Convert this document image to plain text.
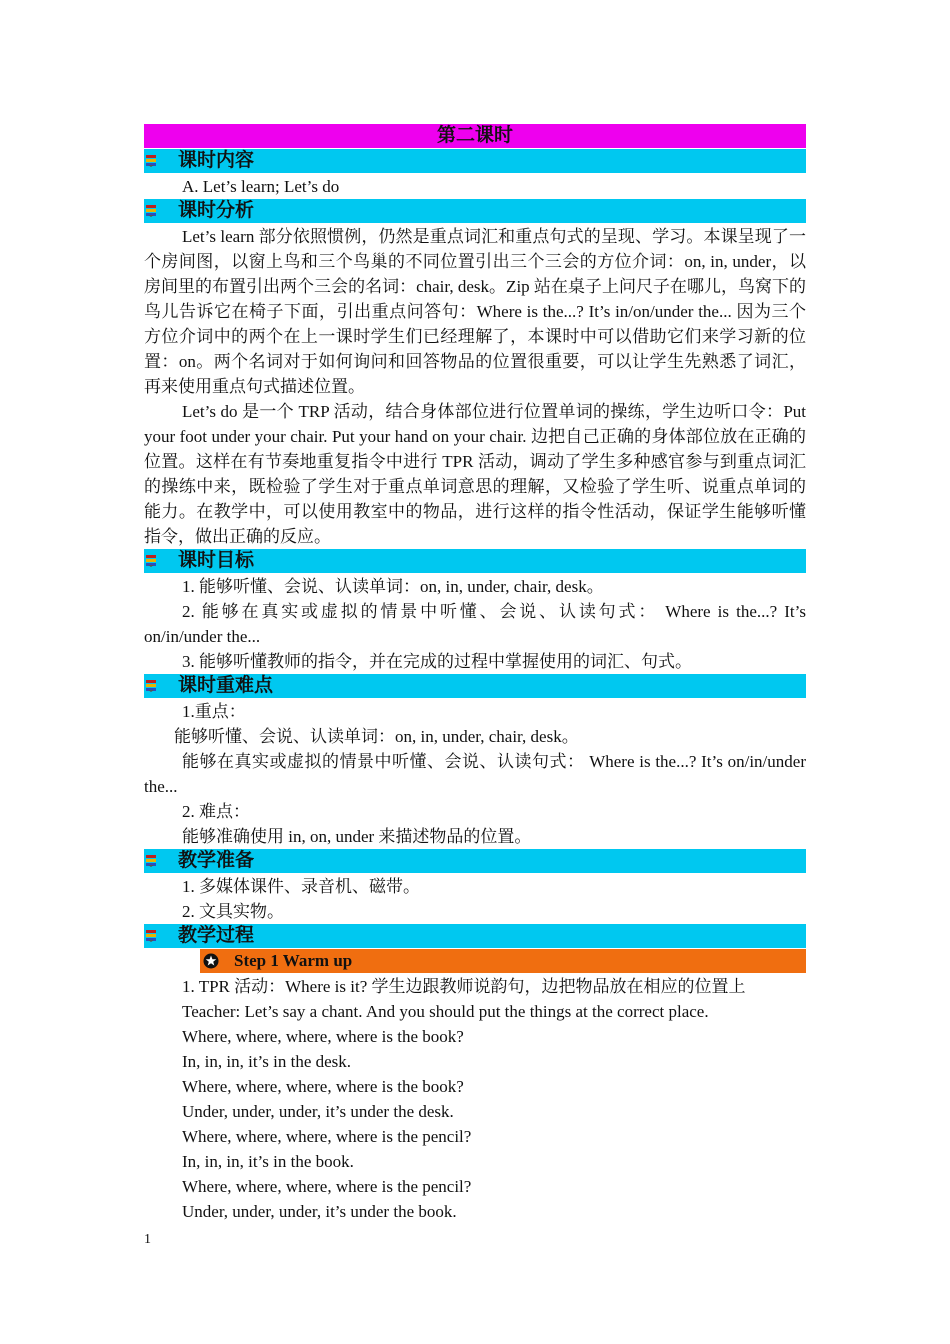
第二课时
课时内容
A. Let’s learn; Let’s do
课时分析
Let’s learn 部分依照惯例，仍然是重点词汇和重点句式的呈现、学习。本课呈现了一个房间图，以窗上鸟和三个鸟巢的不同位置引出三个三会的方位介词：on, in, under，以房间里的布置引出两个三会的名词：chair, desk。Zip 站在桌子上问尺子在哪儿，鸟窝下的鸟儿告诉它在椅子下面，引出重点问答句：Where is the...? It’s in/on/under the... 因为三个方位介词中的两个在上一课时学生们已经理解了，本课时中可以借助它们来学习新的位置：on。两个名词对于如何询问和回答物品的位置很重要，可以让学生先熟悉了词汇，再来使用重点句式描述位置。
Let’s do 是一个 TRP 活动，结合身体部位进行位置单词的操练，学生边听口令：Put your foot under your chair. Put your hand on your chair. 边把自己正确的身体部位放在正确的位置。这样在有节奏地重复指令中进行 TPR 活动，调动了学生多种感官参与到重点词汇的操练中来，既检验了学生对于重点单词意思的理解，又检验了学生听、说重点单词的能力。在教学中，可以使用教室中的物品，进行这样的指令性活动，保证学生能够听懂指令，做出正确的反应。
课时目标
1. 能够听懂、会说、认读单词：on, in, under, chair, desk。
2. 能够在真实或虚拟的情景中听懂、会说、认读句式： Where is the...? It’s on/in/under the...
3. 能够听懂教师的指令，并在完成的过程中掌握使用的词汇、句式。
课时重难点
1.重点：
能够听懂、会说、认读单词：on, in, under, chair, desk。
能够在真实或虚拟的情景中听懂、会说、认读句式： Where is the...? It’s on/in/under the...
2. 难点：
能够准确使用 in, on, under 来描述物品的位置。
教学准备
1. 多媒体课件、录音机、磁带。
2. 文具实物。
教学过程
Step 1 Warm up
1. TPR 活动：Where is it? 学生边跟教师说韵句，边把物品放在相应的位置上
Teacher: Let’s say a chant. And you should put the things at the correct place.
Where, where, where, where is the book?
In, in, in, it’s in the desk.
Where, where, where, where is the book?
Under, under, under, it’s under the desk.
Where, where, where, where is the pencil?
In, in, in, it’s in the book.
Where, where, where, where is the pencil?
Under, under, under, it’s under the book.
1
